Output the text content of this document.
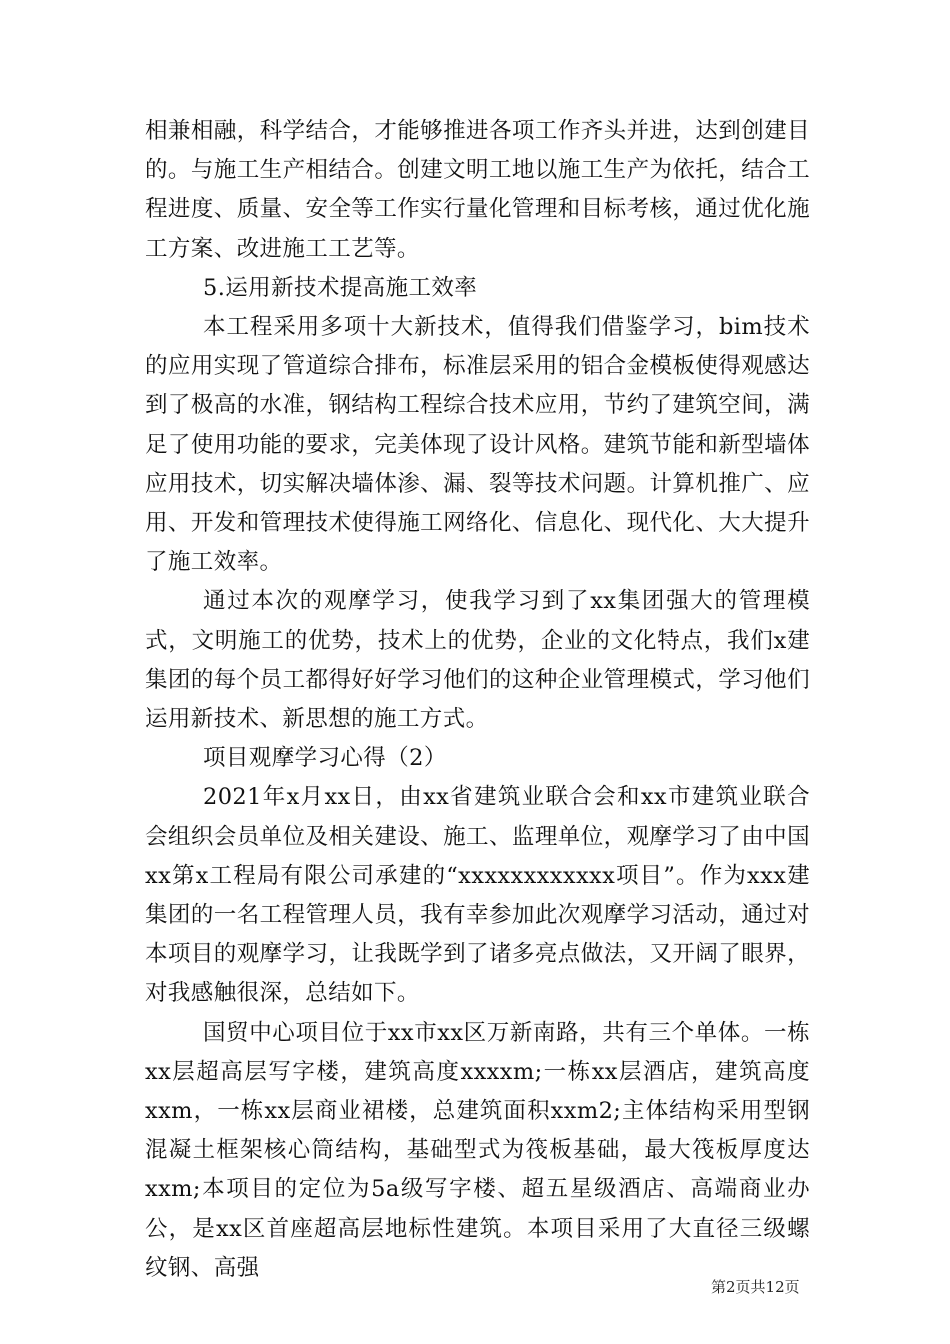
相兼相融，科学结合，才能够推进各项工作齐头并进，达到创建目的。与施工生产相结合。创建文明工地以施工生产为依托，结合工程进度、质量、安全等工作实行量化管理和目标考核，通过优化施工方案、改进施工工艺等。

5.运用新技术提高施工效率

本工程采用多项十大新技术，值得我们借鉴学习，bim技术的应用实现了管道综合排布，标准层采用的铝合金模板使得观感达到了极高的水准，钢结构工程综合技术应用，节约了建筑空间，满足了使用功能的要求，完美体现了设计风格。建筑节能和新型墙体应用技术，切实解决墙体渗、漏、裂等技术问题。计算机推广、应用、开发和管理技术使得施工网络化、信息化、现代化、大大提升了施工效率。

通过本次的观摩学习，使我学习到了xx集团强大的管理模式，文明施工的优势，技术上的优势，企业的文化特点，我们x建集团的每个员工都得好好学习他们的这种企业管理模式，学习他们运用新技术、新思想的施工方式。

项目观摩学习心得（2）

2021年x月xx日，由xx省建筑业联合会和xx市建筑业联合会组织会员单位及相关建设、施工、监理单位，观摩学习了由中国xx第x工程局有限公司承建的“xxxxxxxxxxxx项目”。作为xxx建集团的一名工程管理人员，我有幸参加此次观摩学习活动，通过对本项目的观摩学习，让我既学到了诸多亮点做法，又开阔了眼界，对我感触很深，总结如下。

国贸中心项目位于xx市xx区万新南路，共有三个单体。一栋xx层超高层写字楼，建筑高度xxxxm;一栋xx层酒店，建筑高度xxm，一栋xx层商业裙楼，总建筑面积xxm2;主体结构采用型钢混凝土框架核心筒结构，基础型式为筏板基础，最大筏板厚度达xxm;本项目的定位为5a级写字楼、超五星级酒店、高端商业办公，是xx区首座超高层地标性建筑。本项目采用了大直径三级螺纹钢、高强

第2页共12页
